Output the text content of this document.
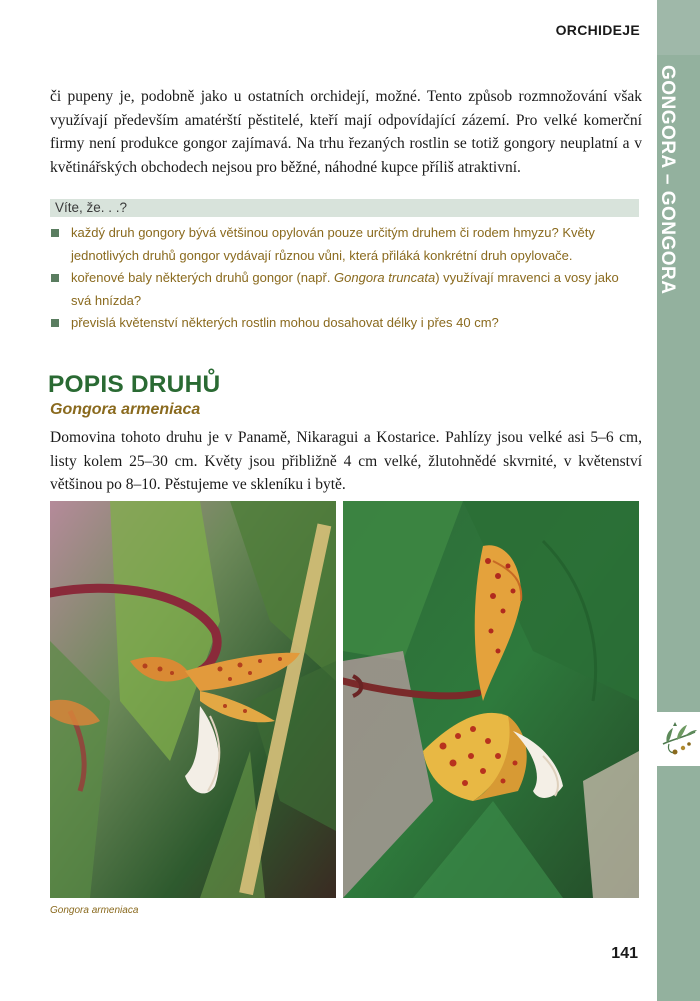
GONGORA – GONGORA
ORCHIDEJE

či pupeny je, podobně jako u ostatních orchidejí, možné. Tento způsob rozmnožování však využívají především amatérští pěstitelé, kteří mají odpovídající zázemí. Pro velké komerční firmy není produkce gongor zajímavá. Na trhu řezaných rostlin se totiž gongory neuplatní a v květinářských obchodech nejsou pro běžné, náhodné kupce příliš atraktivní.

Víte, že. . .?
každý druh gongory bývá většinou opylován pouze určitým druhem či rodem hmyzu? Květy jednotlivých druhů gongor vydávají různou vůni, která přiláká konkrétní druh opylovače.
kořenové baly některých druhů gongor (např. Gongora truncata) využívají mravenci a vosy jako svá hnízda?
převislá květenství některých rostlin mohou dosahovat délky i přes 40 cm?
POPIS DRUHŮ
Gongora armeniaca

Domovina tohoto druhu je v Panamě, Nikaragui a Kostarice. Pahlízy jsou velké asi 5–6 cm, listy kolem 25–30 cm. Květy jsou přibližně 4 cm velké, žlutohnědé skvrnité, v květenství většinou po 8–10. Pěstujeme ve skleníku i bytě.

Gongora armeniaca
141
